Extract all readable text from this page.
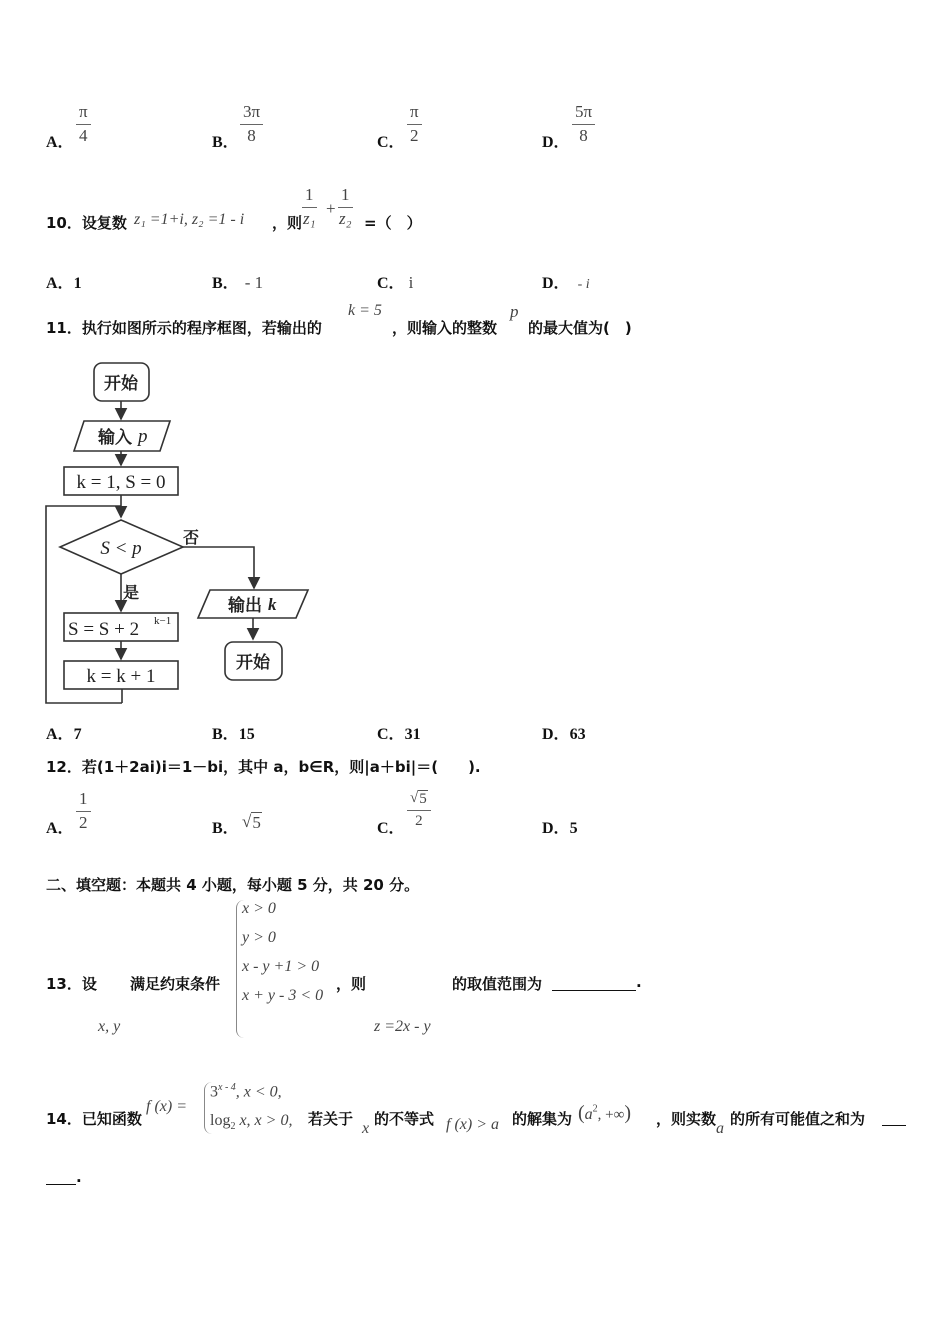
A． $\frac{\pi}{4}$	B． $\frac{3\pi}{8}$	C． $\frac{\pi}{2}$	D． $\frac{5\pi}{8}$
10．设复数 z₁ =1+i, z₂ =1 - i ，则 $\frac{1}{\text{z₁}} + \frac{1}{\text{z₂}}$ =（　）
A．1	B． - 1	C． i	D． - i
11．执行如图所示的程序框图，若输出的
k = 5
，则输入的整数
p
的最大值为(　)
开始
输入 p
k = 1, S = 0
S < p
否
是
S = S + 2 k−1
k = k + 1
输出 k
开始
A．7	B．15	C．31	D．63
12．若(1＋2ai)i＝1－bi，其中 a，b∈R，则|a＋bi|＝(　　).
A． $\frac{1}{2}$	B． √ 5	C． $\frac{√ 5}{2}$	D．5
二、填空题：本题共 4 小题，每小题 5 分，共 20 分。
13．设
x, y
满足约束条件
x > 0
y > 0
x - y +1 > 0
x + y - 3 < 0
，则
z =2x - y
的取值范围为	.
14．已知函数
f (x) =
$3^{x - 4}$, x < 0,
$\log_2 x$, x > 0, 若关于
x
的不等式 f (x) > a 的解集为 ($a^2$, +∞) ，则实数
a
的所有可能值之和为
.
